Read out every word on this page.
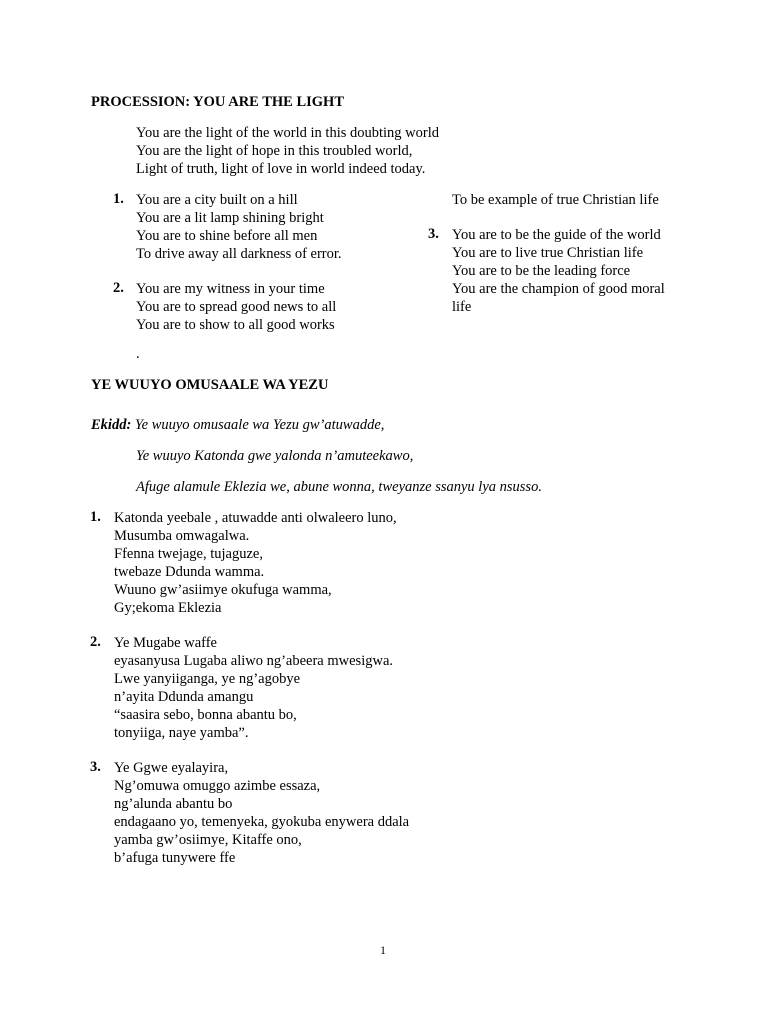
PROCESSION: YOU ARE THE LIGHT
You are the light of the world in this doubting world
You are the light of hope in this troubled world,
Light of truth, light of love in world indeed today.
1. You are a city built on a hill
You are a lit lamp shining bright
You are to shine before all men
To drive away all darkness of error.
2. You are my witness in your time
You are to spread good news to all
You are to show to all good works
.
To be example of true Christian life
3. You are to be the guide of the world
You are to live true Christian life
You are to be the leading force
You are the champion of good moral
life
YE WUUYO OMUSAALE WA YEZU
Ekidd: Ye wuuyo omusaale wa Yezu gw’atuwadde,
Ye wuuyo Katonda gwe yalonda n’amuteekawo,
Afuge alamule Eklezia we, abune wonna, tweyanze ssanyu lya nsusso.
1. Katonda yeebale , atuwadde anti olwaleero luno,
Musumba omwagalwa.
Ffenna twejage, tujaguze,
twebaze Ddunda wamma.
Wuuno gw’asiimye okufuga wamma,
Gy;ekoma Eklezia
2. Ye Mugabe waffe
eyasanyusa Lugaba aliwo ng’abeera mwesigwa.
Lwe yanyiiganga, ye ng’agobye
n’ayita Ddunda amangu
“saasira sebo, bonna abantu bo,
tonyiiga, naye yamba”.
3. Ye Ggwe eyalayira,
Ng’omuwa omuggo azimbe essaza,
ng’alunda abantu bo
endagaano yo, temenyeka, gyokuba enywera ddala
yamba gw’osiimye, Kitaffe ono,
b’afuga tunywere ffe
1
